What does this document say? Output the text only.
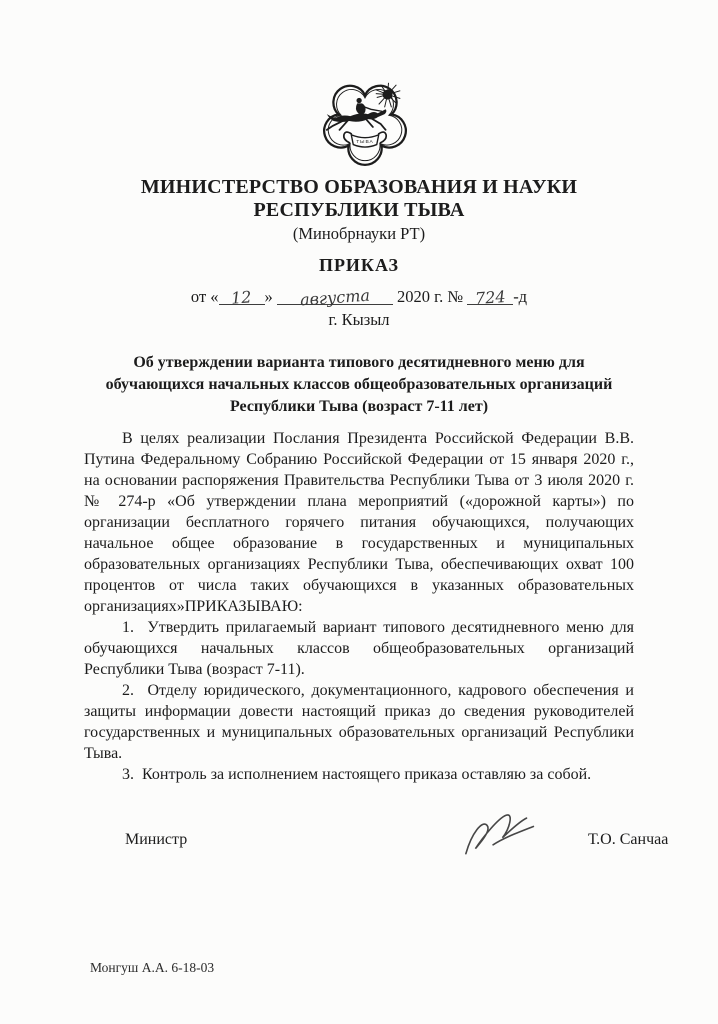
ТЫВА
МИНИСТЕРСТВО ОБРАЗОВАНИЯ И НАУКИ
РЕСПУБЛИКИ ТЫВА
(Минобрнауки РТ)
ПРИКАЗ
от « 12 » августа 2020 г. № 724 -д
г. Кызыл
Об утверждении варианта типового десятидневного меню для
обучающихся начальных классов общеобразовательных организаций
Республики Тыва (возраст 7-11 лет)

В целях реализации Послания Президента Российской Федерации В.В. Путина Федеральному Собранию Российской Федерации от 15 января 2020 г., на основании распоряжения Правительства Республики Тыва от 3 июля 2020 г. № 274-р «Об утверждении плана мероприятий («дорожной карты») по организации бесплатного горячего питания обучающихся, получающих начальное общее образование в государственных и муниципальных образовательных организациях Республики Тыва, обеспечивающих охват 100 процентов от числа таких обучающихся в указанных образовательных организациях»ПРИКАЗЫВАЮ:

1.  Утвердить прилагаемый вариант типового десятидневного меню для обучающихся начальных классов общеобразовательных организаций Республики Тыва (возраст 7-11).

2.  Отделу юридического, документационного, кадрового обеспечения и защиты информации довести настоящий приказ до сведения руководителей государственных и муниципальных образовательных организаций Республики Тыва.

3.  Контроль за исполнением настоящего приказа оставляю за собой.

Министр	Т.О. Санчаа
Монгуш А.А. 6-18-03
